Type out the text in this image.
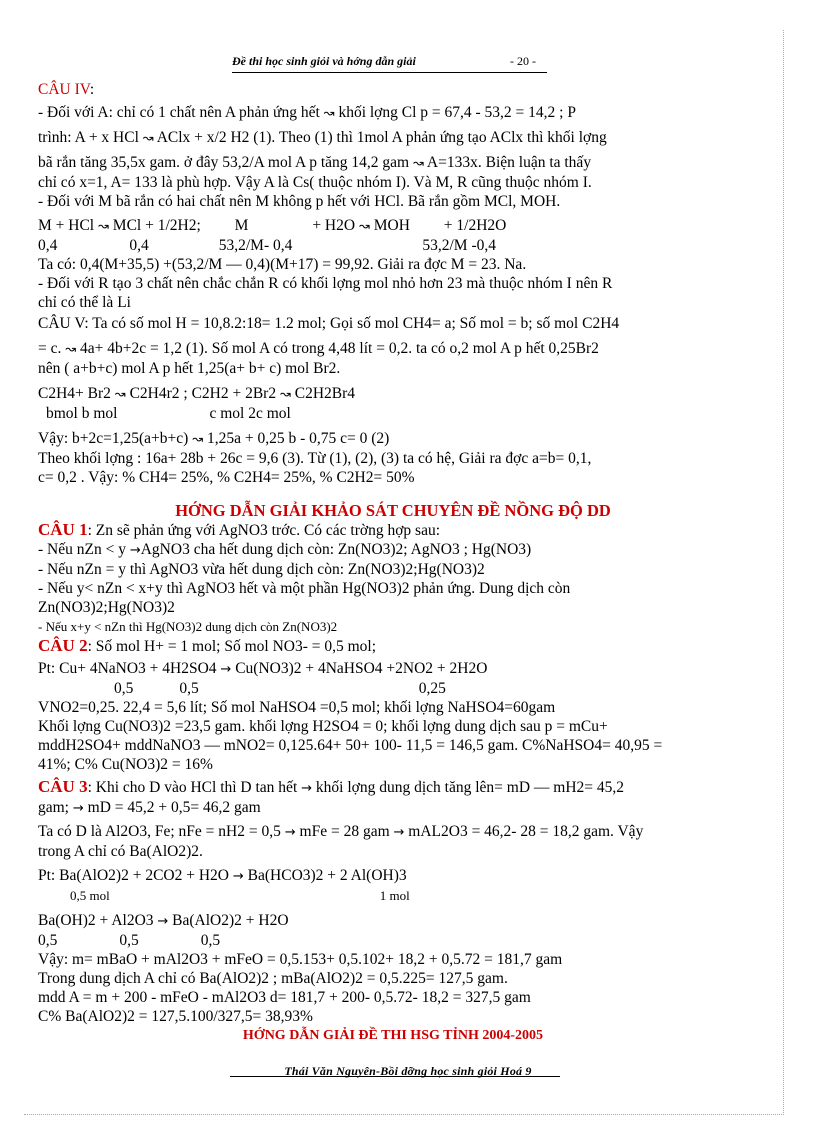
Đề thi học sinh giỏi và hớng dẫn giải	- 20 -

CÂU IV:

- Đối với A: chỉ có 1 chất nên A phản ứng hết ↝ khối lợng Cl p = 67,4 - 53,2 = 14,2 ; P

trình: A + x HCl ↝ AClx + x/2 H2 (1). Theo (1) thì 1mol A phản ứng tạo AClx thì khối lợng

bã rắn tăng 35,5x gam. ở đây 53,2/A mol A p tăng 14,2 gam ↝ A=133x. Biện luận ta thấy

chỉ có x=1, A= 133 là phù hợp. Vậy A là Cs( thuộc nhóm I). Và M, R cũng thuộc nhóm I.

- Đối với M bã rắn có hai chất nên M không p hết với HCl. Bã rắn gồm MCl, MOH.

M + HCl ↝ MCl + 1/2H2; M	+ H2O ↝ MOH + 1/2H2O

0,4	0,4	53,2/M- 0,4	53,2/M -0,4

Ta có: 0,4(M+35,5) +(53,2/M — 0,4)(M+17) = 99,92. Giải ra đợc M = 23. Na.

- Đối với R tạo 3 chất nên chắc chắn R có khối lợng mol nhỏ hơn 23 mà thuộc nhóm I nên R

chỉ có thể là Li

CÂU V: Ta có số mol H = 10,8.2:18= 1.2 mol; Gọi số mol CH4= a; Số mol = b; số mol C2H4

= c. ↝ 4a+ 4b+2c = 1,2 (1). Số mol A có trong 4,48 lít = 0,2. ta có o,2 mol A p hết 0,25Br2

nên ( a+b+c) mol A p hết 1,25(a+ b+ c) mol Br2.

C2H4+ Br2 ↝ C2H4r2 ; C2H2 + 2Br2 ↝ C2H2Br4

bmol b mol	c mol 2c mol

Vậy: b+2c=1,25(a+b+c) ↝ 1,25a + 0,25 b - 0,75 c= 0 (2)

Theo khối lợng : 16a+ 28b + 26c = 9,6 (3). Từ (1), (2), (3) ta có hệ, Giải ra đợc a=b= 0,1,

c= 0,2 . Vậy: % CH4= 25%, % C2H4= 25%, % C2H2= 50%

HỚNG DẪN GIẢI KHẢO SÁT CHUYÊN ĐỀ NỒNG ĐỘ DD

CÂU 1: Zn sẽ phản ứng với AgNO3 trớc. Có các trờng hợp sau:

- Nếu nZn < y →AgNO3 cha hết dung dịch còn: Zn(NO3)2; AgNO3 ; Hg(NO3)

- Nếu nZn = y thì AgNO3 vừa hết dung dịch còn: Zn(NO3)2;Hg(NO3)2

- Nếu y< nZn < x+y thì AgNO3 hết và một phần Hg(NO3)2 phản ứng. Dung dịch còn

Zn(NO3)2;Hg(NO3)2

- Nếu x+y < nZn thì Hg(NO3)2 dung dịch còn Zn(NO3)2

CÂU 2: Số mol H+ = 1 mol; Số mol NO3- = 0,5 mol;

Pt: Cu+ 4NaNO3 + 4H2SO4 → Cu(NO3)2 + 4NaHSO4 +2NO2 + 2H2O

0,5	0,5	0,25

VNO2=0,25. 22,4 = 5,6 lít; Số mol NaHSO4 =0,5 mol; khối lợng NaHSO4=60gam

Khối lợng Cu(NO3)2 =23,5 gam. khối lợng H2SO4 = 0; khối lợng dung dịch sau p = mCu+

mddH2SO4+ mddNaNO3 — mNO2= 0,125.64+ 50+ 100- 11,5 = 146,5 gam. C%NaHSO4= 40,95 =

41%; C% Cu(NO3)2 = 16%

CÂU 3: Khi cho D vào HCl thì D tan hết → khối lợng dung dịch tăng lên= mD — mH2= 45,2

gam; → mD = 45,2 + 0,5= 46,2 gam

Ta có D là Al2O3, Fe; nFe = nH2 = 0,5 → mFe = 28 gam → mAL2O3 = 46,2- 28 = 18,2 gam. Vậy

trong A chỉ có Ba(AlO2)2.

Pt: Ba(AlO2)2 + 2CO2 + H2O → Ba(HCO3)2 + 2 Al(OH)3

0,5 mol	1 mol

Ba(OH)2 + Al2O3 → Ba(AlO2)2 + H2O

0,5	0,5	0,5

Vậy: m= mBaO + mAl2O3 + mFeO = 0,5.153+ 0,5.102+ 18,2 + 0,5.72 = 181,7 gam

Trong dung dịch A chỉ có Ba(AlO2)2 ; mBa(AlO2)2 = 0,5.225= 127,5 gam.

mdd A = m + 200 - mFeO - mAl2O3 d= 181,7 + 200- 0,5.72- 18,2 = 327,5 gam

C% Ba(AlO2)2 = 127,5.100/327,5= 38,93%

HỚNG DẪN GIẢI ĐỀ THI HSG TỈNH 2004-2005

Thái Văn Nguyên-Bồi dỡng học sinh giỏi Hoá 9
